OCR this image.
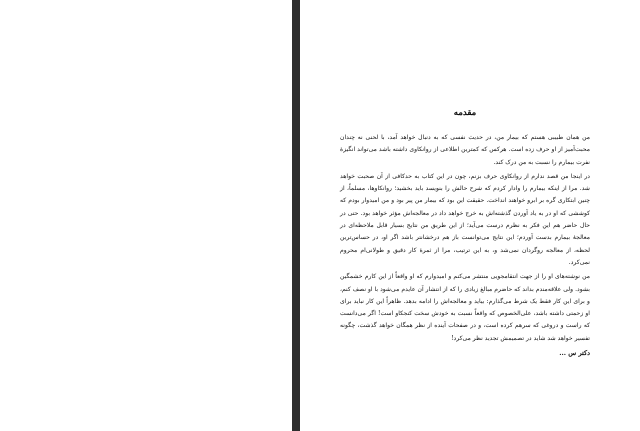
مقدمه

من همان طبیبی هستم که بیمار من، در حدیث نفسی که به دنبال خواهد آمد، با لحنی نه چندان محبت‌آمیز از او حرف زده است. هرکس که کمترین اطلاعی از روانکاوی داشته باشد می‌تواند انگیزهٔ نفرت بیمارم را نسبت به من درک کند.

در اینجا من قصد ندارم از روانکاوی حرف بزنم، چون در این کتاب به حدکافی از آن صحبت خواهد شد. مرا از اینکه بیمارم را وادار کردم که شرح حالش را بنویسد باید بخشید؛ روانکاوها، مسلماً، از چنین ابتکاری گره بر ابرو خواهند انداخت. حقیقت این بود که بیمار من پیر بود و من امیدوار بودم که کوششی که او در به یاد آوردن گذشته‌اش به خرج خواهد داد در معالجه‌اش مؤثر خواهد بود. حتی در حال حاضر هم این فکر به نظرم درست می‌آید؛ از این طریق من نتایج بسیار قابل ملاحظه‌ای در معالجهٔ بیمارم بدست آوردم؛ این نتایج می‌توانست باز هم درخشانتر باشد اگر او، در حساس‌ترین لحظه، از معالجه روگردان نمی‌شد و، به این ترتیب، مرا از ثمرهٔ کار دقیق و طولانی‌ام محروم نمی‌کرد.

من نوشته‌های او را از جهت انتقامجویی منتشر می‌کنم و امیدوارم که او واقعاً از این کارم خشمگین بشود. ولی علاقه‌مندم بداند که حاضرم مبالغ زیادی را که از انتشار آن عایدم می‌شود با او نصف کنم، و برای این کار فقط یک شرط می‌گذارم: بیاید و معالجه‌اش را ادامه بدهد. ظاهراً این کار نباید برای او زحمتی داشته باشد، علی‌الخصوص که واقعاً نسبت به خودش سخت کنجکاو است! اگر می‌دانست که راست و دروغی که سرهم کرده است، و در صفحات آینده از نظر همگان خواهد گذشت، چگونه تفسیر خواهد شد شاید در تصمیمش تجدید نظر می‌کرد!

دکتر س ...
